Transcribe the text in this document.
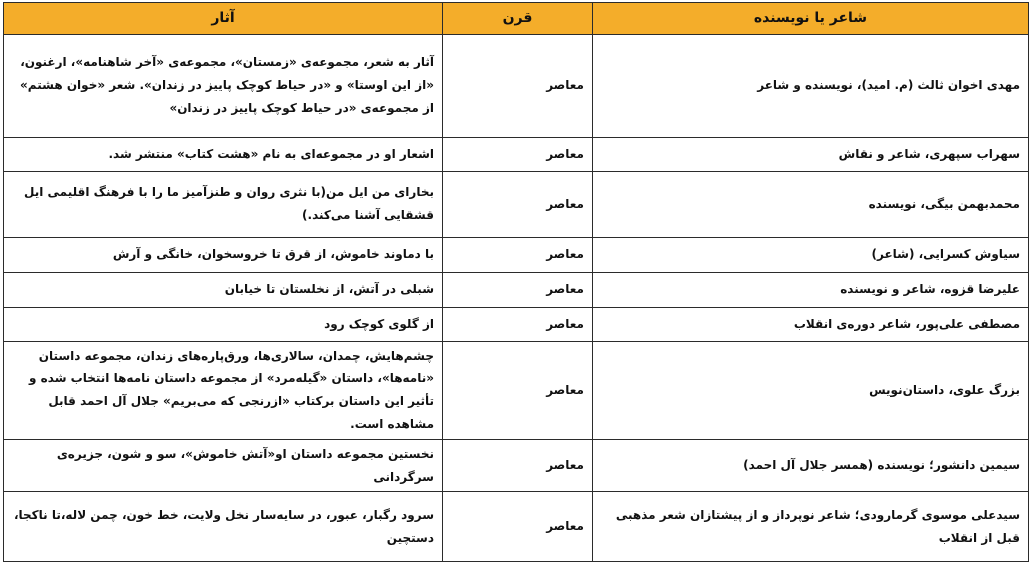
شاعر یا نویسنده	قرن	آثار
مهدی اخوان ثالث (م. امید)، نویسنده و شاعر	معاصر	آثار به شعر، مجموعه‌ی «زمستان»، مجموعه‌ی «آخر شاهنامه»، ارغنون، «از این اوستا» و «در حیاط کوچک پاییز در زندان». شعر «خوان هشتم» از مجموعه‌ی «در حیاط کوچک پاییز در زندان»
سهراب سپهری، شاعر و نقاش	معاصر	اشعار او در مجموعه‌ای به نام «هشت کتاب» منتشر شد.
محمدبهمن بیگی، نویسنده	معاصر	بخارای من ایل من(با نثری روان و طنزآمیز ما را با فرهنگ اقلیمی ایل قشقایی آشنا می‌کند.)
سیاوش کسرایی، (شاعر)	معاصر	با دماوند خاموش، از قرق تا خروسخوان، خانگی و آرش
علیرضا قزوه، شاعر و نویسنده	معاصر	شبلی در آتش، از نخلستان تا خیابان
مصطفی علی‌پور، شاعر دوره‌ی انقلاب	معاصر	از گلوی کوچک رود
بزرگ علوی، داستان‌نویس	معاصر	چشم‌هایش، چمدان، سالاری‌ها، ورق‌پاره‌های زندان، مجموعه داستان «نامه‌ها»، داستان «گیله‌مرد» از مجموعه داستان نامه‌ها انتخاب شده و تأثیر این داستان برکتاب «ازرنجی که می‌بریم» جلال آل احمد قابل مشاهده است.
سیمین دانشور؛ نویسنده (همسر جلال آل احمد)	معاصر	نخستین مجموعه داستان او«آتش خاموش»، سو و شون، جزیره‌ی سرگردانی
سیدعلی موسوی گرمارودی؛ شاعر نوپرداز و از پیشتازان شعر مذهبی قبل از انقلاب	معاصر	سرود رگبار، عبور، در سایه‌سار نخل ولایت، خط خون، چمن لاله،تا ناکجا، دستچین
